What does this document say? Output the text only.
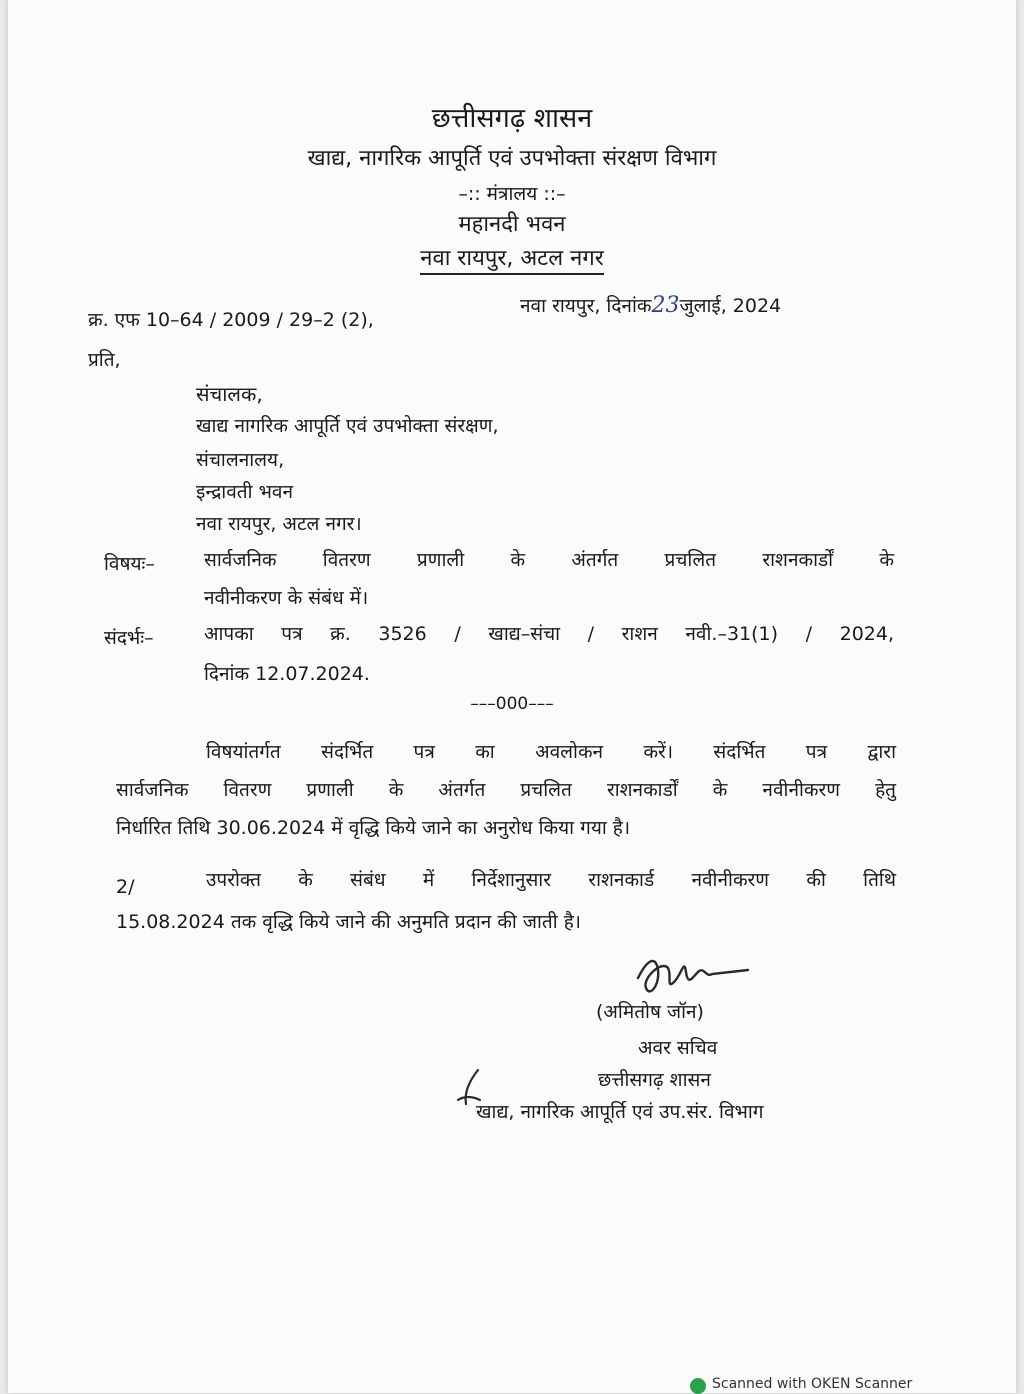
छत्तीसगढ़ शासन
खाद्य, नागरिक आपूर्ति एवं उपभोक्ता संरक्षण विभाग
–:: मंत्रालय ::–
महानदी भवन
नवा रायपुर, अटल नगर
क्र. एफ 10–64 / 2009 / 29–2 (2),
नवा रायपुर, दिनांक23जुलाई, 2024
प्रति,
संचालक,
खाद्य नागरिक आपूर्ति एवं उपभोक्ता संरक्षण,
संचालनालय,
इन्द्रावती भवन
नवा रायपुर, अटल नगर।
विषयः–	सार्वजनिक वितरण प्रणाली के अंतर्गत प्रचलित राशनकार्डों के
नवीनीकरण के संबंध में।
संदर्भः–	आपका पत्र क्र. 3526 / खाद्य–संचा / राशन नवी.–31(1) / 2024,
दिनांक 12.07.2024.
–––000–––
विषयांतर्गत संदर्भित पत्र का अवलोकन करें। संदर्भित पत्र द्वारा
सार्वजनिक वितरण प्रणाली के अंतर्गत प्रचलित राशनकार्डों के नवीनीकरण हेतु
निर्धारित तिथि 30.06.2024 में वृद्धि किये जाने का अनुरोध किया गया है।
2/	उपरोक्त के संबंध में निर्देशानुसार राशनकार्ड नवीनीकरण की तिथि
15.08.2024 तक वृद्धि किये जाने की अनुमति प्रदान की जाती है।
(अमितोष जॉन)
अवर सचिव
छत्तीसगढ़ शासन
खाद्य, नागरिक आपूर्ति एवं उप.संर. विभाग
Scanned with OKEN Scanner
